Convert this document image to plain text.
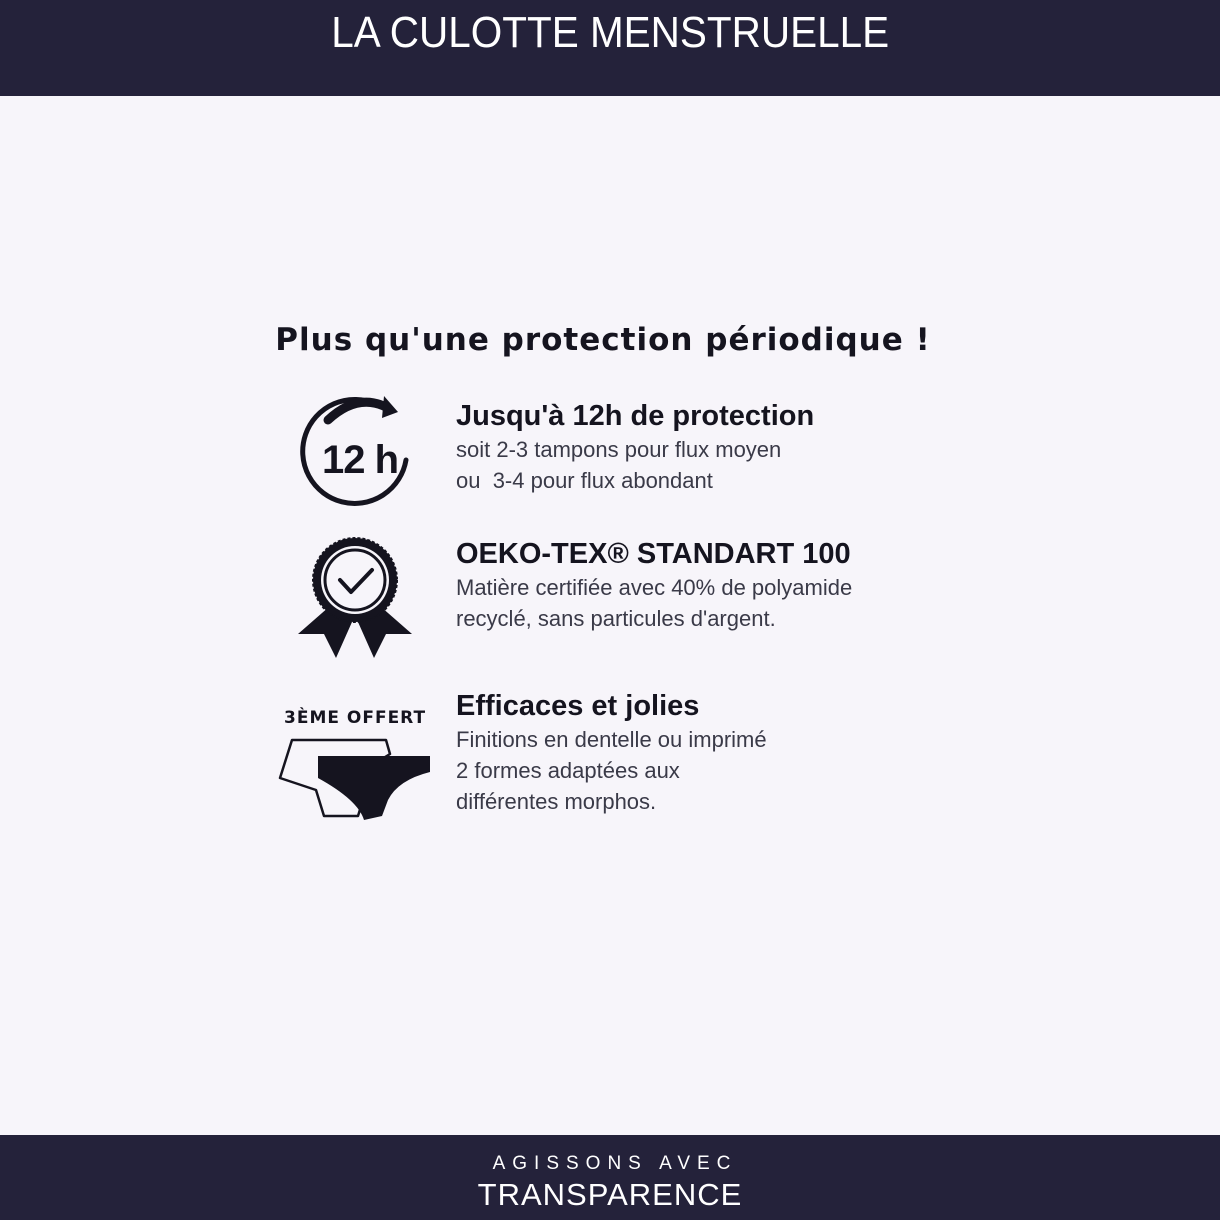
LA CULOTTE MENSTRUELLE
Plus qu'une protection périodique !
12 h
Jusqu'à 12h de protection
soit 2-3 tampons pour flux moyen
ou  3-4 pour flux abondant
OEKO-TEX® STANDART 100
Matière certifiée avec 40% de polyamide
recyclé, sans particules d'argent.
3ÈME OFFERT Efficaces et jolies
Finitions en dentelle ou imprimé
2 formes adaptées aux
différentes morphos.
AGISSONS AVEC
TRANSPARENCE
